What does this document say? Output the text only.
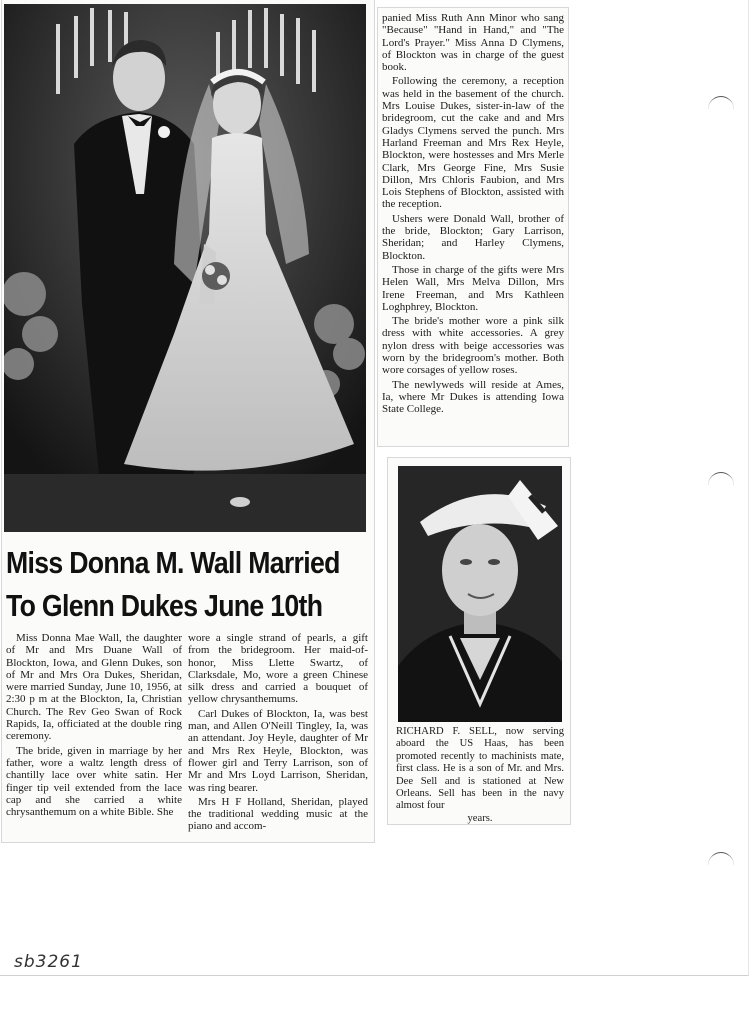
Miss Donna M. Wall Married
To Glenn Dukes June 10th

Miss Donna Mae Wall, the daughter of Mr and Mrs Duane Wall of Blockton, Iowa, and Glenn Dukes, son of Mr and Mrs Ora Dukes, Sheridan, were married Sunday, June 10, 1956, at 2:30 p m at the Blockton, Ia, Christian Church. The Rev Geo Swan of Rock Rapids, Ia, officiated at the double ring ceremony.

The bride, given in marriage by her father, wore a waltz length dress of chantilly lace over white satin. Her finger tip veil extended from the lace cap and she carried a white chrysanthemum on a white Bible. She

wore a single strand of pearls, a gift from the bridegroom. Her maid-of-honor, Miss Llette Swartz, of Clarksdale, Mo, wore a green Chinese silk dress and carried a bouquet of yellow chrysanthemums.

Carl Dukes of Blockton, Ia, was best man, and Allen O'Neill Tingley, Ia, was an attendant. Joy Heyle, daughter of Mr and Mrs Rex Heyle, Blockton, was flower girl and Terry Larrison, son of Mr and Mrs Loyd Larrison, Sheridan, was ring bearer.

Mrs H F Holland, Sheridan, played the traditional wedding music at the piano and accom-

panied Miss Ruth Ann Minor who sang "Because" "Hand in Hand," and "The Lord's Prayer." Miss Anna D Clymens, of Blockton was in charge of the guest book.

Following the ceremony, a reception was held in the basement of the church. Mrs Louise Dukes, sister-in-law of the bridegroom, cut the cake and and Mrs Gladys Clymens served the punch. Mrs Harland Freeman and Mrs Rex Heyle, Blockton, were hostesses and Mrs Merle Clark, Mrs George Fine, Mrs Susie Dillon, Mrs Chloris Faubion, and Mrs Lois Stephens of Blockton, assisted with the reception.

Ushers were Donald Wall, brother of the bride, Blockton; Gary Larrison, Sheridan; and Harley Clymens, Blockton.

Those in charge of the gifts were Mrs Helen Wall, Mrs Melva Dillon, Mrs Irene Freeman, and Mrs Kathleen Loghphrey, Blockton.

The bride's mother wore a pink silk dress with white accessories. A grey nylon dress with beige accessories was worn by the bridegroom's mother. Both wore corsages of yellow roses.

The newlyweds will reside at Ames, Ia, where Mr Dukes is attending Iowa State College.

RICHARD F. SELL, now serving aboard the US Haas, has been promoted recently to machinists mate, first class. He is a son of Mr. and Mrs. Dee Sell and is stationed at New Orleans. Sell has been in the navy almost four
years.
sb3261
